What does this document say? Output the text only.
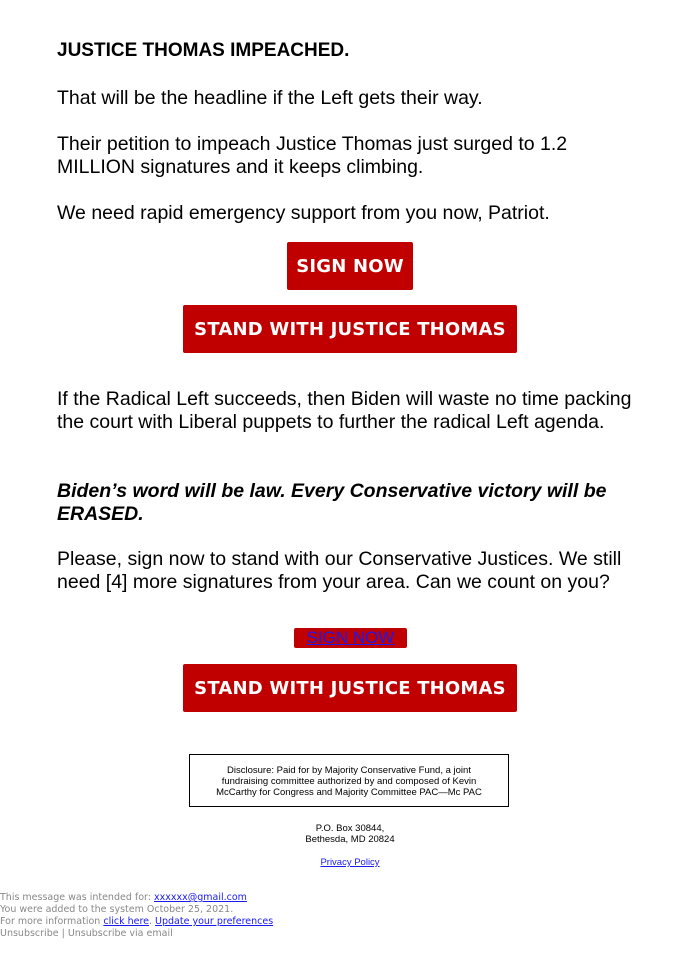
JUSTICE THOMAS IMPEACHED.

That will be the headline if the Left gets their way.

Their petition to impeach Justice Thomas just surged to 1.2 MILLION signatures and it keeps climbing.

We need rapid emergency support from you now, Patriot.

If the Radical Left succeeds, then Biden will waste no time packing the court with Liberal puppets to further the radical Left agenda.

Biden’s word will be law. Every Conservative victory will be ERASED.

Please, sign now to stand with our Conservative Justices. We still need [4] more signatures from your area. Can we count on you?

SIGN NOW
STAND WITH JUSTICE THOMAS
SIGN NOW
STAND WITH JUSTICE THOMAS
Disclosure: Paid for by Majority Conservative Fund, a joint fundraising committee authorized by and composed of Kevin McCarthy for Congress and Majority Committee PAC—Mc PAC
P.O. Box 30844,
Bethesda, MD 20824
Privacy Policy
This message was intended for: xxxxxx@gmail.com
You were added to the system October 25, 2021.
For more information click here. Update your preferences
Unsubscribe | Unsubscribe via email
